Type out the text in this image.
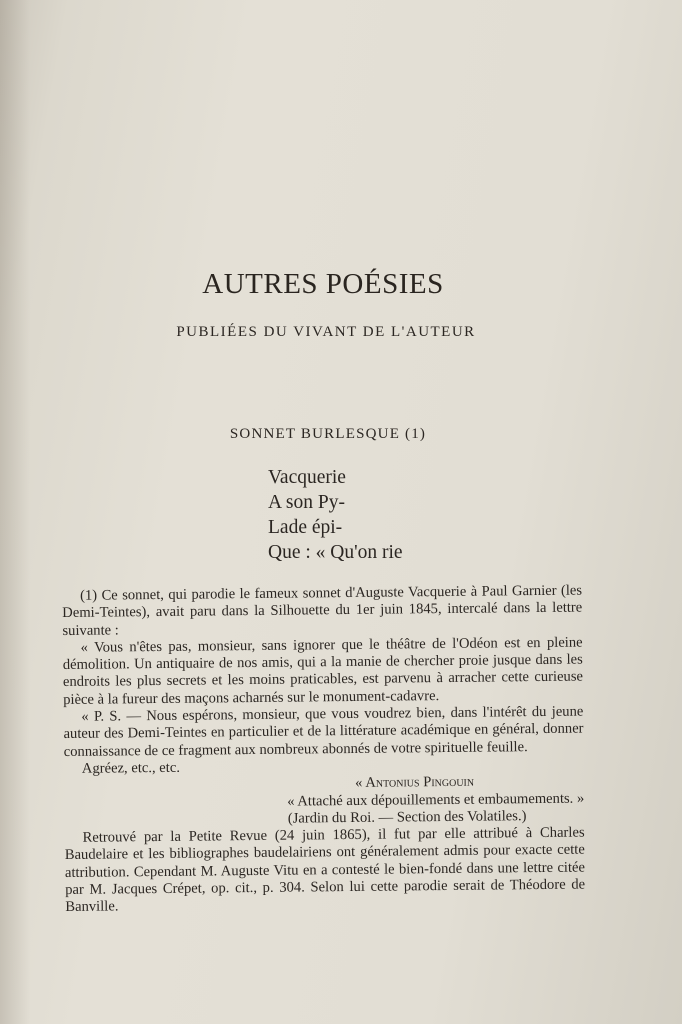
AUTRES POÉSIES
PUBLIÉES DU VIVANT DE L'AUTEUR
SONNET BURLESQUE (1)
Vacquerie
A son Py-
Lade épi-
Que : « Qu'on rie

(1) Ce sonnet, qui parodie le fameux sonnet d'Auguste Vacquerie à Paul Garnier (les Demi-Teintes), avait paru dans la Silhouette du 1er juin 1845, intercalé dans la lettre suivante :

« Vous n'êtes pas, monsieur, sans ignorer que le théâtre de l'Odéon est en pleine démolition. Un antiquaire de nos amis, qui a la manie de chercher proie jusque dans les endroits les plus secrets et les moins praticables, est parvenu à arracher cette curieuse pièce à la fureur des maçons acharnés sur le monument-cadavre.

« P. S. — Nous espérons, monsieur, que vous voudrez bien, dans l'intérêt du jeune auteur des Demi-Teintes en particulier et de la littérature académique en général, donner connaissance de ce fragment aux nombreux abonnés de votre spirituelle feuille.

Agréez, etc., etc.

« Antonius Pingouin

« Attaché aux dépouillements et embaumements. »

(Jardin du Roi. — Section des Volatiles.)

Retrouvé par la Petite Revue (24 juin 1865), il fut par elle attribué à Charles Baudelaire et les bibliographes baudelairiens ont généralement admis pour exacte cette attribution. Cependant M. Auguste Vitu en a contesté le bien-fondé dans une lettre citée par M. Jacques Crépet, op. cit., p. 304. Selon lui cette parodie serait de Théodore de Banville.
